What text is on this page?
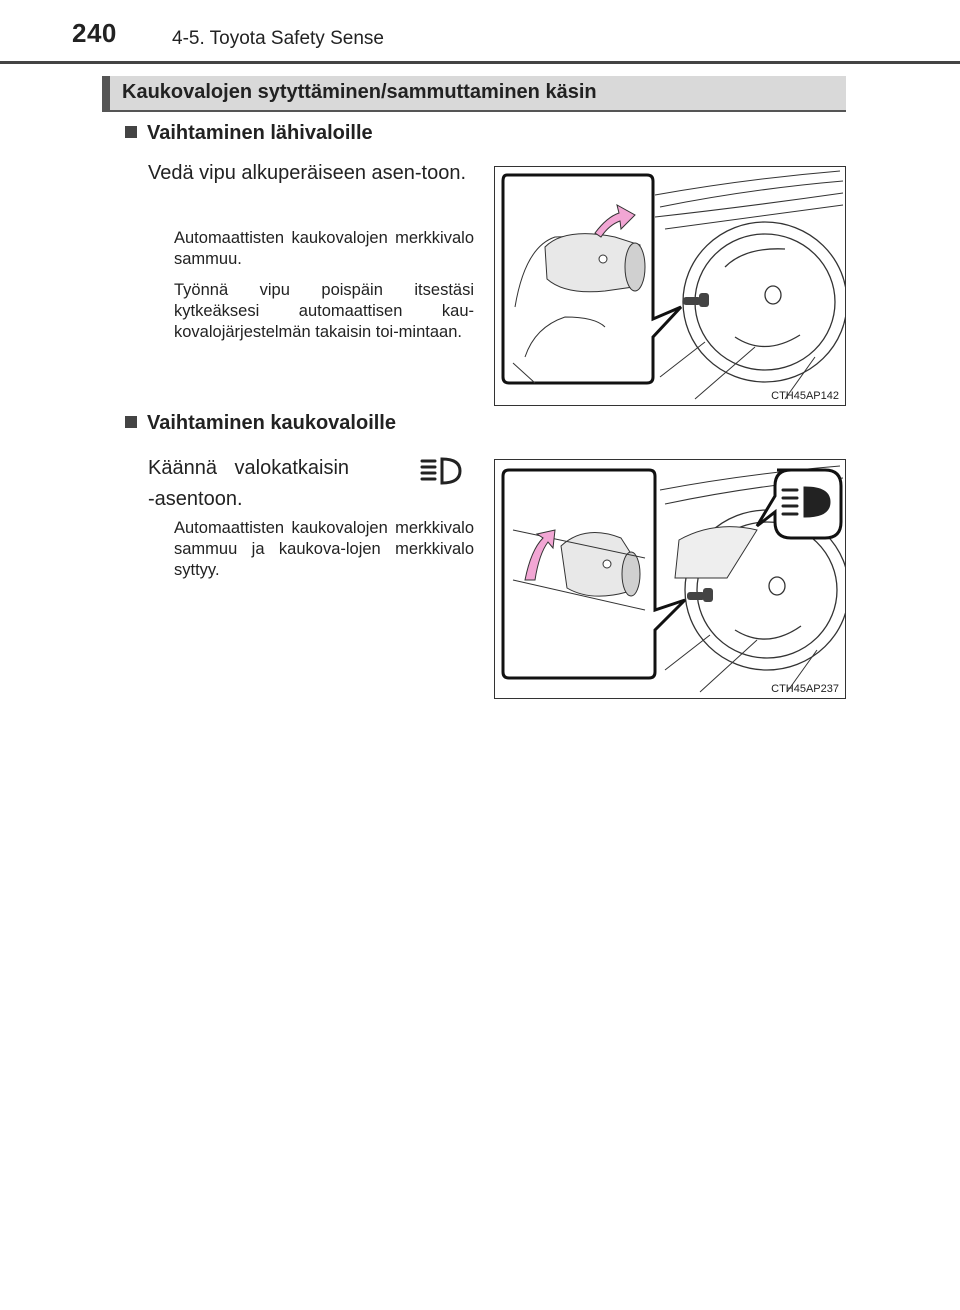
240	4-5. Toyota Safety Sense
Kaukovalojen sytyttäminen/sammuttaminen käsin
Vaihtaminen lähivaloille
Vedä vipu alkuperäiseen asen-toon.

Automaattisten kaukovalojen merkkivalo sammuu.

Työnnä vipu poispäin itsestäsi kytkeäksesi automaattisen kau-kovalojärjestelmän takaisin toi-mintaan.

CTH45AP142
Vaihtaminen kaukovaloille
Käännä valokatkaisin
-asentoon.

Automaattisten kaukovalojen merkkivalo sammuu ja kaukova-lojen merkkivalo syttyy.

CTH45AP237
